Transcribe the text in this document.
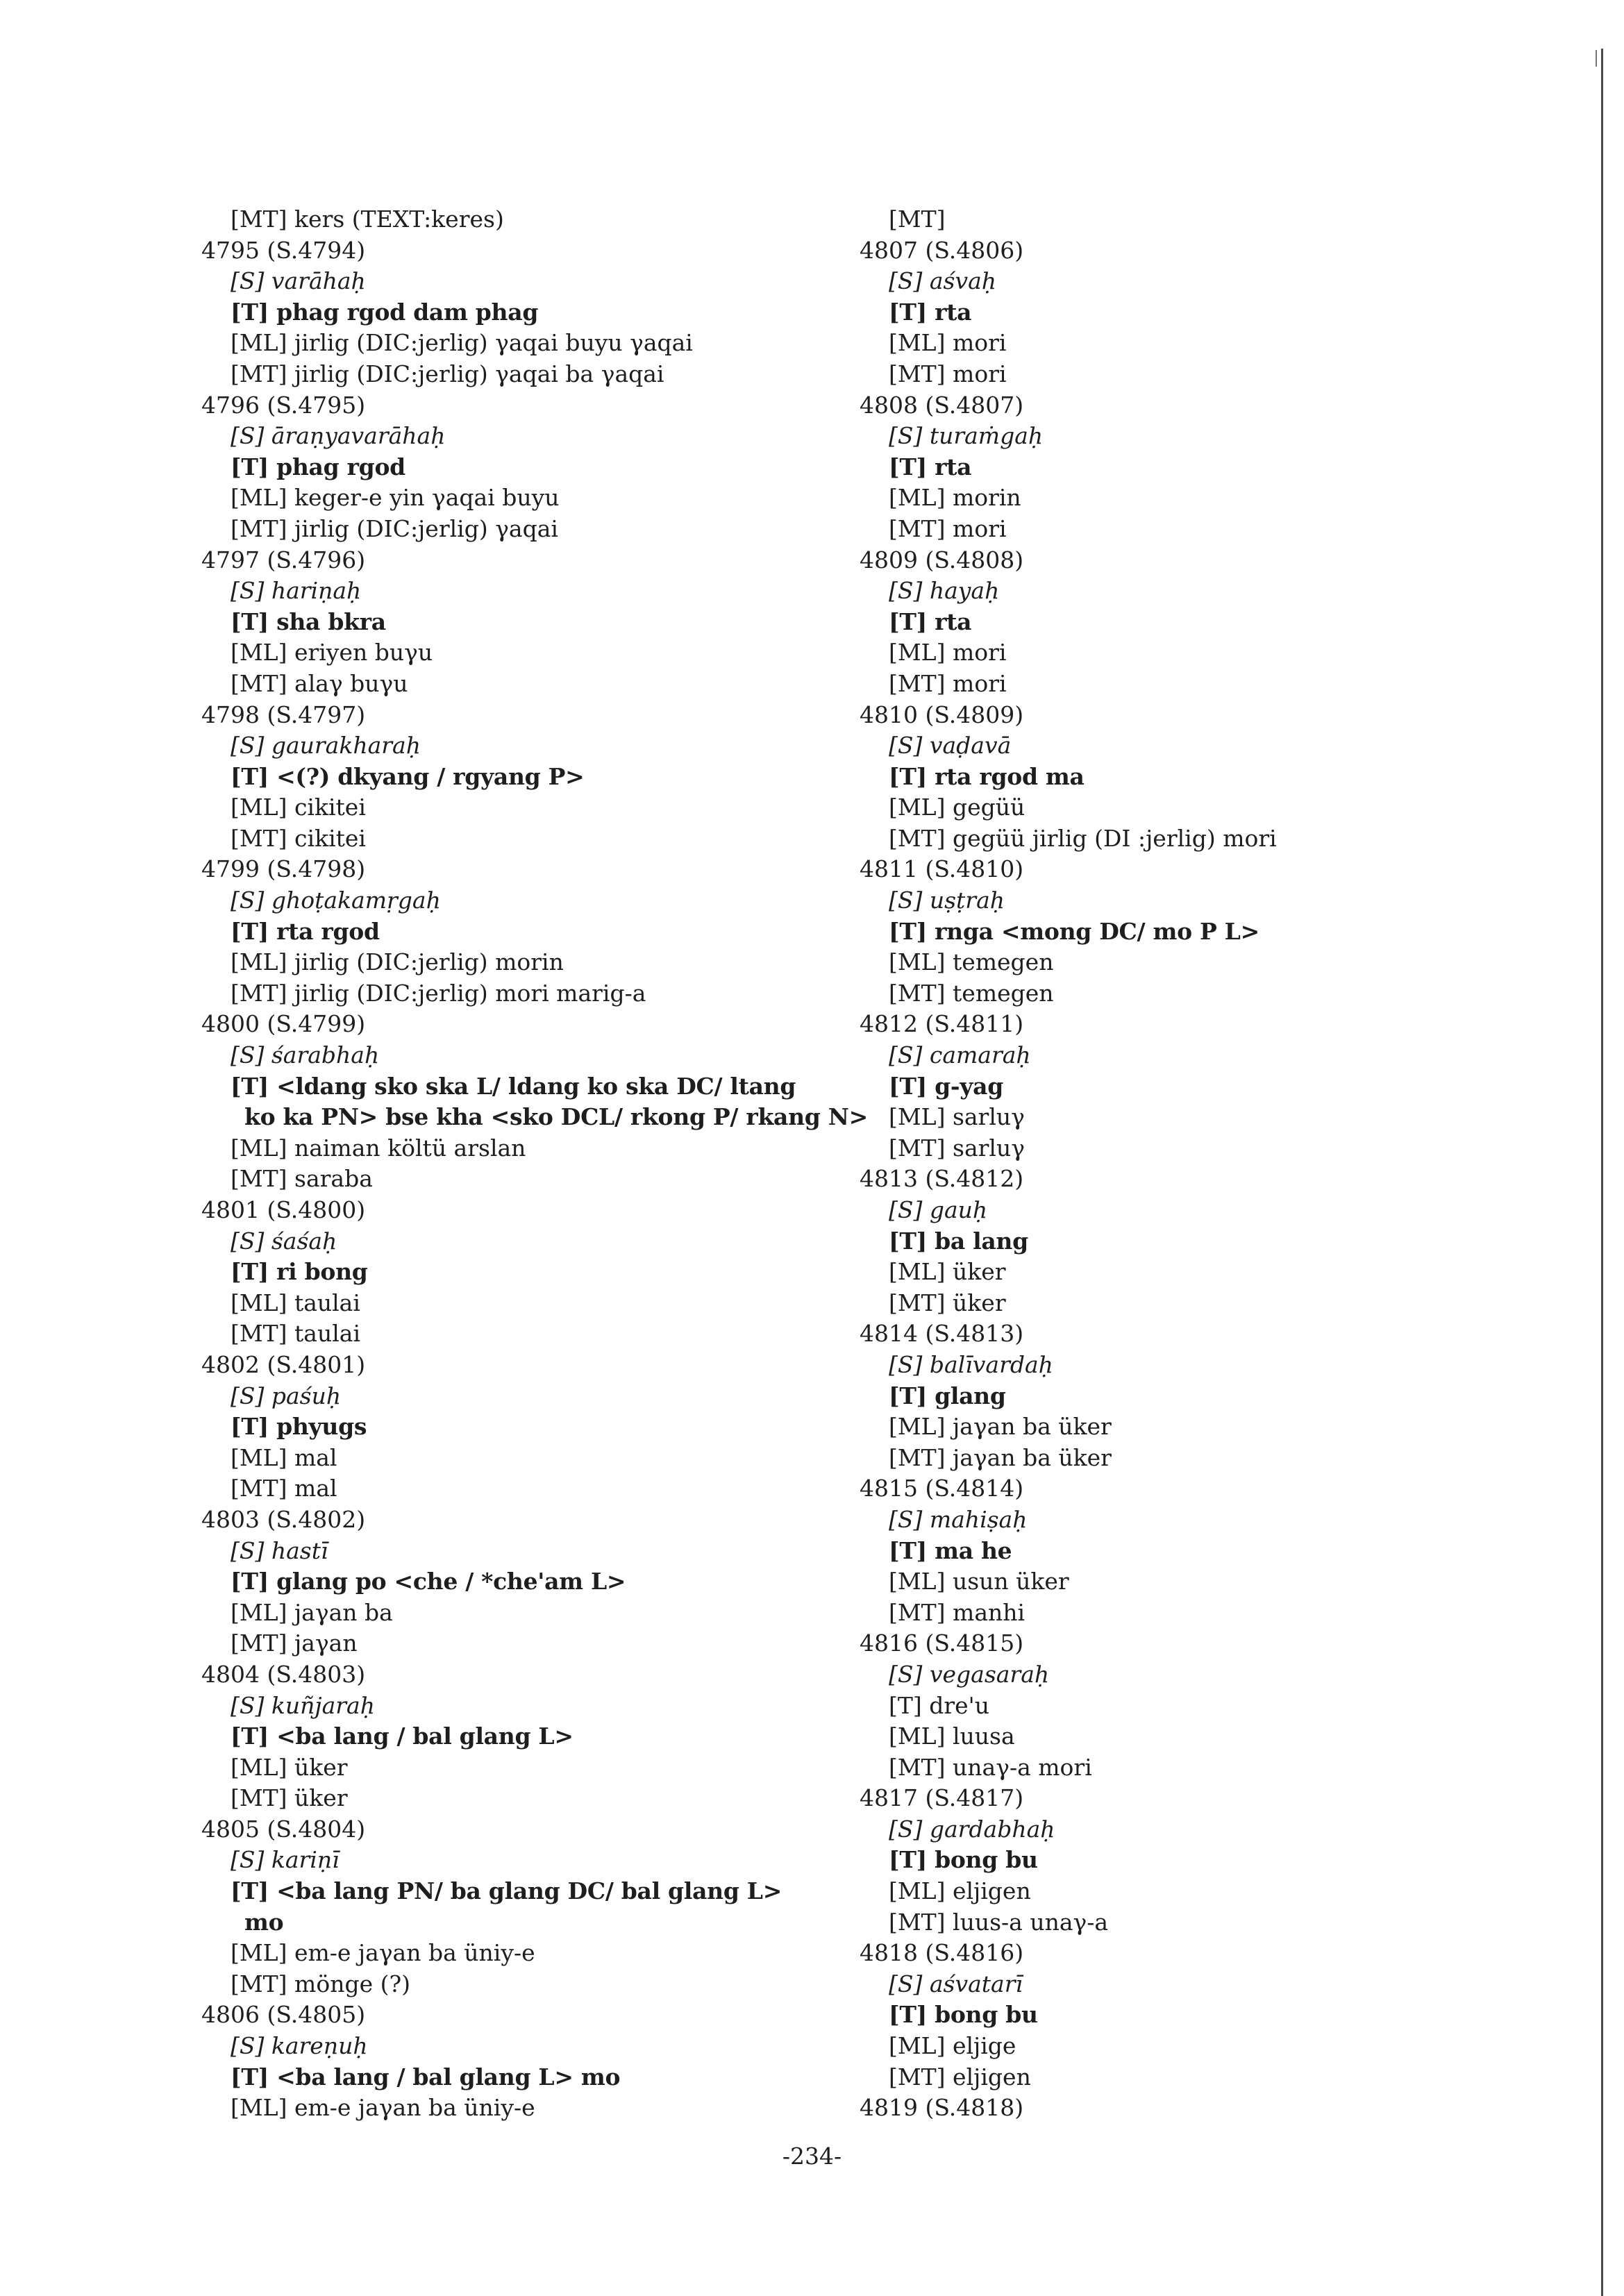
[MT] kers (TEXT:keres)
4795 (S.4794)
[S] varāhaḥ
[T] phag rgod dam phag
[ML] jirlig (DIC:jerlig) γaqai buyu γaqai
[MT] jirlig (DIC:jerlig) γaqai ba γaqai
4796 (S.4795)
[S] āraṇyavarāhaḥ
[T] phag rgod
[ML] keger-e yin γaqai buyu
[MT] jirlig (DIC:jerlig) γaqai
4797 (S.4796)
[S] hariṇaḥ
[T] sha bkra
[ML] eriyen buγu
[MT] alaγ buγu
4798 (S.4797)
[S] gaurakharaḥ
[T] <(?) dkyang / rgyang P>
[ML] cikitei
[MT] cikitei
4799 (S.4798)
[S] ghoṭakamṛgaḥ
[T] rta rgod
[ML] jirlig (DIC:jerlig) morin
[MT] jirlig (DIC:jerlig) mori marig-a
4800 (S.4799)
[S] śarabhaḥ
[T] <ldang sko ska L/ ldang ko ska DC/ ltang
ko ka PN> bse kha <sko DCL/ rkong P/ rkang N>
[ML] naiman költü arslan
[MT] saraba
4801 (S.4800)
[S] śaśaḥ
[T] ri bong
[ML] taulai
[MT] taulai
4802 (S.4801)
[S] paśuḥ
[T] phyugs
[ML] mal
[MT] mal
4803 (S.4802)
[S] hastī
[T] glang po <che / *che'am L>
[ML] jaγan ba
[MT] jaγan
4804 (S.4803)
[S] kuñjaraḥ
[T] <ba lang / bal glang L>
[ML] üker
[MT] üker
4805 (S.4804)
[S] kariṇī
[T] <ba lang PN/ ba glang DC/ bal glang L>
mo
[ML] em-e jaγan ba üniy-e
[MT] mönge (?)
4806 (S.4805)
[S] kareṇuḥ
[T] <ba lang / bal glang L> mo
[ML] em-e jaγan ba üniy-e
[MT]
4807 (S.4806)
[S] aśvaḥ
[T] rta
[ML] mori
[MT] mori
4808 (S.4807)
[S] turaṁgaḥ
[T] rta
[ML] morin
[MT] mori
4809 (S.4808)
[S] hayaḥ
[T] rta
[ML] mori
[MT] mori
4810 (S.4809)
[S] vaḍavā
[T] rta rgod ma
[ML] gegüü
[MT] gegüü jirlig (DI :jerlig) mori
4811 (S.4810)
[S] uṣṭraḥ
[T] rnga <mong DC/ mo P L>
[ML] temegen
[MT] temegen
4812 (S.4811)
[S] camaraḥ
[T] g-yag
[ML] sarluγ
[MT] sarluγ
4813 (S.4812)
[S] gauḥ
[T] ba lang
[ML] üker
[MT] üker
4814 (S.4813)
[S] balīvardaḥ
[T] glang
[ML] jaγan ba üker
[MT] jaγan ba üker
4815 (S.4814)
[S] mahiṣaḥ
[T] ma he
[ML] usun üker
[MT] manhi
4816 (S.4815)
[S] vegasaraḥ
[T] dre'u
[ML] luusa
[MT] unaγ-a mori
4817 (S.4817)
[S] gardabhaḥ
[T] bong bu
[ML] eljigen
[MT] luus-a unaγ-a
4818 (S.4816)
[S] aśvatarī
[T] bong bu
[ML] eljige
[MT] eljigen
4819 (S.4818)
-234-
